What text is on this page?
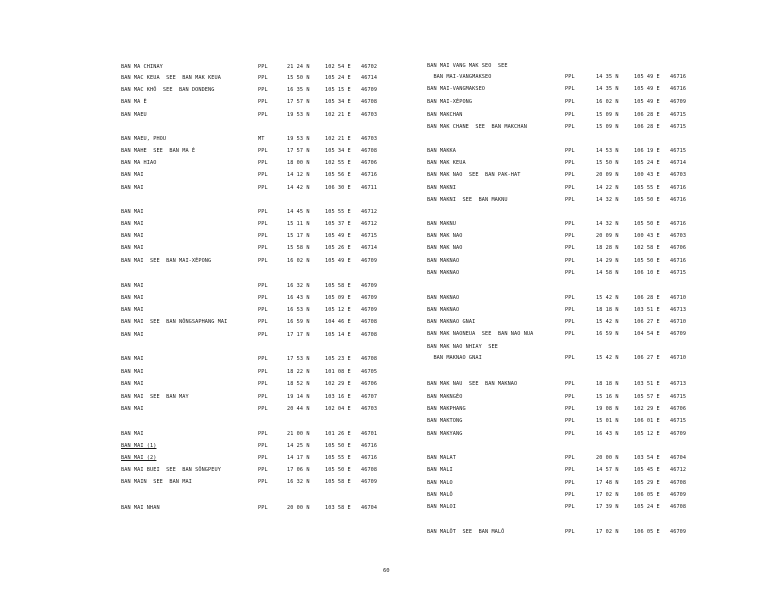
BAN MA CHINAY	PPL	21 24 N	102 54 E 46702
BAN MAC KEUA  SEE  BAN MAK KEUA	PPL	15 50 N	105 24 E 46714
BAN MAC KHÔ  SEE  BAN DONDENG	PPL	16 35 N	105 15 E 46709
BAN MA È	PPL	17 57 N	105 34 E 46708
BAN MAEU	PPL	19 53 N	102 21 E 46703
BAN MAEU, PHOU	MT	19 53 N	102 21 E 46703
BAN MAHE  SEE  BAN MA È	PPL	17 57 N	105 34 E 46708
BAN MA HIAO	PPL	18 00 N	102 55 E 46706
BAN MAI	PPL	14 12 N	105 56 E 46716
BAN MAI	PPL	14 42 N	106 30 E 46711
BAN MAI	PPL	14 45 N	105 55 E 46712
BAN MAI	PPL	15 11 N	105 37 E 46712
BAN MAI	PPL	15 17 N	105 49 E 46715
BAN MAI	PPL	15 58 N	105 26 E 46714
BAN MAI  SEE  BAN MAI-XÉPONG	PPL	16 02 N	105 49 E 46709
BAN MAI	PPL	16 32 N	105 58 E 46709
BAN MAI	PPL	16 43 N	105 09 E 46709
BAN MAI	PPL	16 53 N	105 12 E 46709
BAN MAI  SEE  BAN NÔNGSAPHANG MAI	PPL	16 59 N	104 46 E 46708
BAN MAI	PPL	17 17 N	105 14 E 46708
BAN MAI	PPL	17 53 N	105 23 E 46708
BAN MAI	PPL	18 22 N	101 08 E 46705
BAN MAI	PPL	18 52 N	102 29 E 46706
BAN MAI  SEE  BAN MAY	PPL	19 14 N	103 16 E 46707
BAN MAI	PPL	20 44 N	102 04 E 46703
BAN MAI	PPL	21 00 N	101 26 E 46701
BAN MAI (1)	PPL	14 25 N	105 50 E 46716
BAN MAI (2)	PPL	14 17 N	105 55 E 46716
BAN MAI BUEI  SEE  BAN SÔNGPEUY	PPL	17 06 N	105 50 E 46708
BAN MAIN  SEE  BAN MAI	PPL	16 32 N	105 58 E 46709
BAN MAI NHAN	PPL	20 00 N	103 58 E 46704
BAN MAI VANG MAK SEO  SEE
BAN MAI-VANGMAKSEO	PPL	14 35 N	105 49 E 46716
BAN MAI-VANGMAKSEO	PPL	14 35 N	105 49 E 46716
BAN MAI-XÉPONG	PPL	16 02 N	105 49 E 46709
BAN MAKCHAN	PPL	15 09 N	106 28 E 46715
BAN MAK CHANE  SEE  BAN MAKCHAN	PPL	15 09 N	106 28 E 46715
BAN MAKKA	PPL	14 53 N	106 19 E 46715
BAN MAK KEUA	PPL	15 50 N	105 24 E 46714
BAN MAK NAO  SEE  BAN PAK-HAT	PPL	20 09 N	100 43 E 46703
BAN MAKNI	PPL	14 22 N	105 55 E 46716
BAN MAKNI  SEE  BAN MAKNU	PPL	14 32 N	105 50 E 46716
BAN MAKNU	PPL	14 32 N	105 50 E 46716
BAN MAK NAO	PPL	20 09 N	100 43 E 46703
BAN MAK NAO	PPL	18 28 N	102 58 E 46706
BAN MAKNAO	PPL	14 29 N	105 50 E 46716
BAN MAKNAO	PPL	14 58 N	106 10 E 46715
BAN MAKNAO	PPL	15 42 N	106 28 E 46710
BAN MAKNAO	PPL	18 18 N	103 51 E 46713
BAN MAKNAO GNAI	PPL	15 42 N	106 27 E 46710
BAN MAK NAONEUA  SEE  BAN NAO NUA	PPL	16 59 N	104 54 E 46709
BAN MAK NAO NHIAY  SEE
BAN MAKNAO GNAI	PPL	15 42 N	106 27 E 46710
BAN MAK NAU  SEE  BAN MAKNAO	PPL	18 18 N	103 51 E 46713
BAN MAKNGÉO	PPL	15 16 N	105 57 E 46715
BAN MAKPHANG	PPL	19 08 N	102 29 E 46706
BAN MAKTONG	PPL	15 01 N	106 01 E 46715
BAN MAKYANG	PPL	16 43 N	105 12 E 46709
BAN MALAT	PPL	20 00 N	103 54 E 46704
BAN MALI	PPL	14 57 N	105 45 E 46712
BAN MALO	PPL	17 48 N	105 29 E 46708
BAN MALÔ	PPL	17 02 N	106 05 E 46709
BAN MALOI	PPL	17 39 N	105 24 E 46708
BAN MALÔT  SEE  BAN MALÔ	PPL	17 02 N	106 05 E 46709
60
